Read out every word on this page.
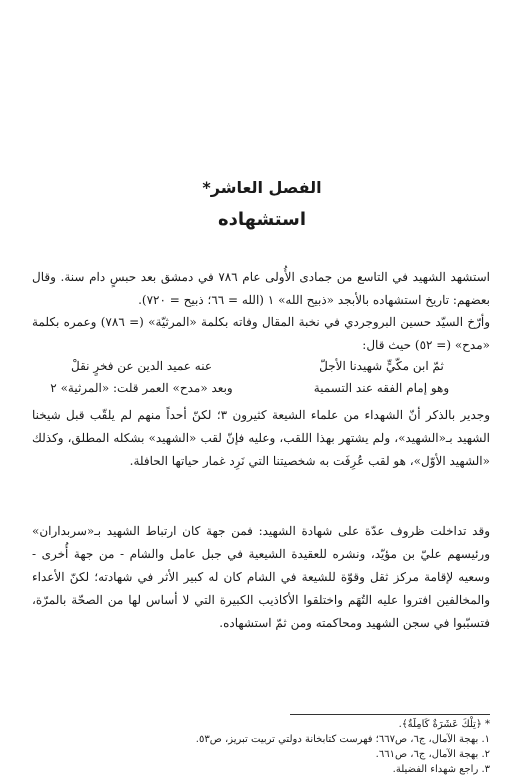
الفصل العاشر*
استشهاده

استشهد الشهيد في التاسع من جمادى الأُولى عام ٧٨٦ في دمشق بعد حبسٍ دام سنة. وقال بعضهم: تاريخ استشهاده بالأبجد «ذبيح الله» ١ (الله = ٦٦؛ ذبيح = ٧٢٠).

وأرّخ السيّد حسين البروجردي في نخبة المقال وفاته بكلمة «المرثيّة» (= ٧٨٦) وعمره بكلمة «مدح» (= ٥٢) حيث قال:

ثمّ ابن مكّيٍّ شهيدنا الأجلّ
عنه عميد الدين عن فخرٍ نقلْ
وهو إمام الفقه عند التسمية
وبعد «مدح» العمر قلت: «المرثية» ٢

وجدير بالذكر أنّ الشهداء من علماء الشيعة كثيرون ٣؛ لكنّ أحداً منهم لم يلقّب قبل شيخنا الشهيد بـ«الشهيد»، ولم يشتهر بهذا اللقب، وعليه فإنّ لقب «الشهيد» بشكله المطلق، وكذلك «الشهيد الأوّل»، هو لقب عُرِفَت به شخصيتنا التي نَرِد غمار حياتها الحافلة.

وقد تداخلت ظروف عدّة على شهادة الشهيد: فمن جهة كان ارتباط الشهيد بـ«سربداران» ورئيسهم عليّ بن مؤيّد، ونشره للعقيدة الشيعية في جبل عامل والشام - من جهة أُخرى - وسعيه لإقامة مركز ثقل وقوّة للشيعة في الشام كان له كبير الأثر في شهادته؛ لكنّ الأعداء والمخالفين افتروا عليه التُهَم واختلقوا الأكاذيب الكبيرة التي لا أساس لها من الصحّة بالمرّة، فتسبّبوا في سجن الشهيد ومحاكمته ومن ثمّ استشهاده.

* ﴿تِلْكَ عَشَرَةٌ كَامِلَةٌ﴾.
١. بهجة الآمال، ج٦، ص٦٦٧؛ فهرست كتابخانة دولتي تربيت تبريز، ص٥٣.
٢. بهجة الآمال، ج٦، ص٦٦١.
٣. راجع شهداء الفضيلة.
